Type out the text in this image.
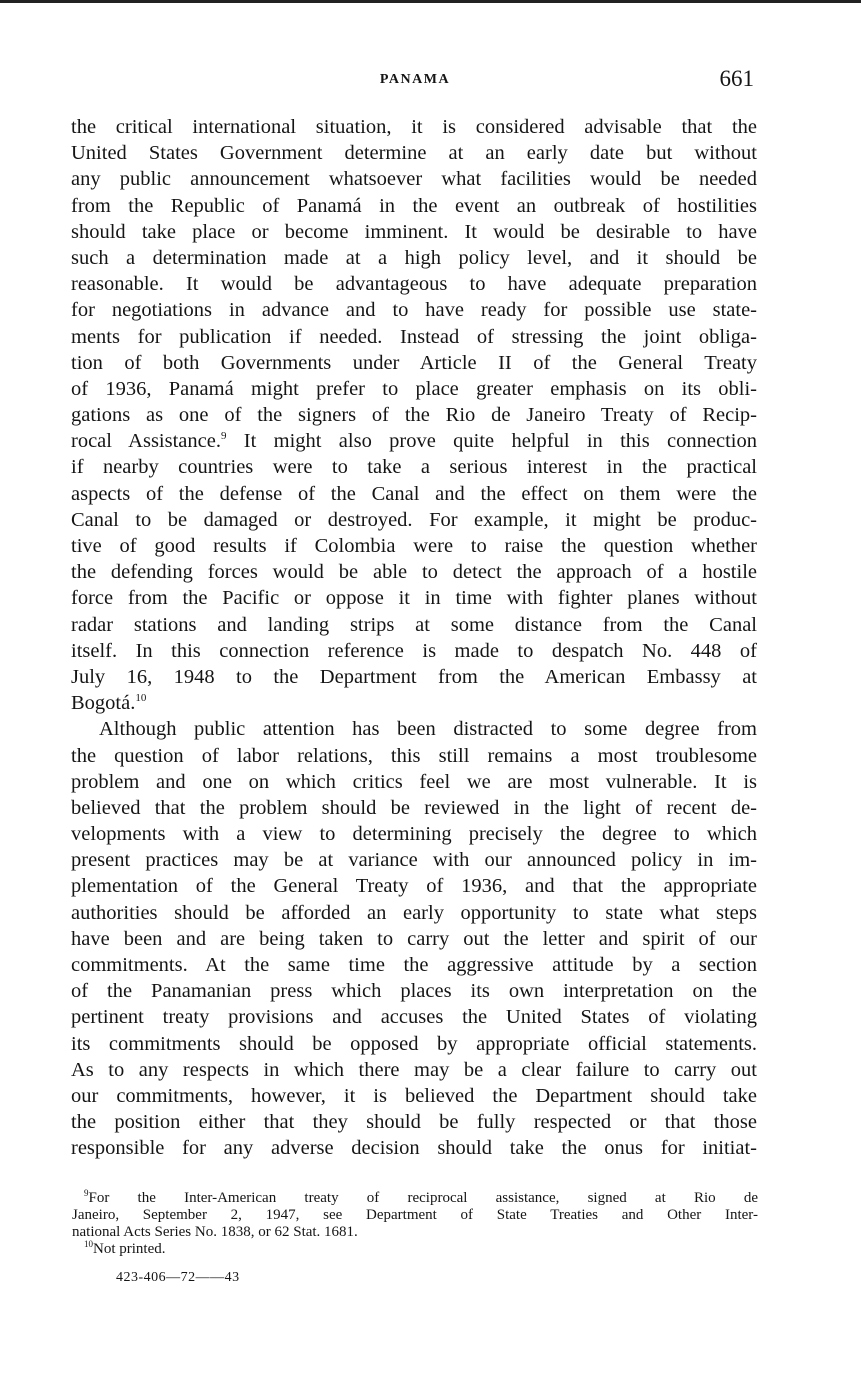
PANAMA	661
the critical international situation, it is considered advisable that the
United States Government determine at an early date but without
any public announcement whatsoever what facilities would be needed
from the Republic of Panamá in the event an outbreak of hostilities
should take place or become imminent. It would be desirable to have
such a determination made at a high policy level, and it should be
reasonable. It would be advantageous to have adequate preparation
for negotiations in advance and to have ready for possible use state-
ments for publication if needed. Instead of stressing the joint obliga-
tion of both Governments under Article II of the General Treaty
of 1936, Panamá might prefer to place greater emphasis on its obli-
gations as one of the signers of the Rio de Janeiro Treaty of Recip-
rocal Assistance.$^9$ It might also prove quite helpful in this connection
if nearby countries were to take a serious interest in the practical
aspects of the defense of the Canal and the effect on them were the
Canal to be damaged or destroyed. For example, it might be produc-
tive of good results if Colombia were to raise the question whether
the defending forces would be able to detect the approach of a hostile
force from the Pacific or oppose it in time with fighter planes without
radar stations and landing strips at some distance from the Canal
itself. In this connection reference is made to despatch No. 448 of
July 16, 1948 to the Department from the American Embassy at
Bogotá.$^{10}$
Although public attention has been distracted to some degree from
the question of labor relations, this still remains a most troublesome
problem and one on which critics feel we are most vulnerable. It is
believed that the problem should be reviewed in the light of recent de-
velopments with a view to determining precisely the degree to which
present practices may be at variance with our announced policy in im-
plementation of the General Treaty of 1936, and that the appropriate
authorities should be afforded an early opportunity to state what steps
have been and are being taken to carry out the letter and spirit of our
commitments. At the same time the aggressive attitude by a section
of the Panamanian press which places its own interpretation on the
pertinent treaty provisions and accuses the United States of violating
its commitments should be opposed by appropriate official statements.
As to any respects in which there may be a clear failure to carry out
our commitments, however, it is believed the Department should take
the position either that they should be fully respected or that those
responsible for any adverse decision should take the onus for initiat-
$^9$For the Inter-American treaty of reciprocal assistance, signed at Rio de
Janeiro, September 2, 1947, see Department of State Treaties and Other Inter-
national Acts Series No. 1838, or 62 Stat. 1681.
$^{10}$Not printed.
423-406—72——43
